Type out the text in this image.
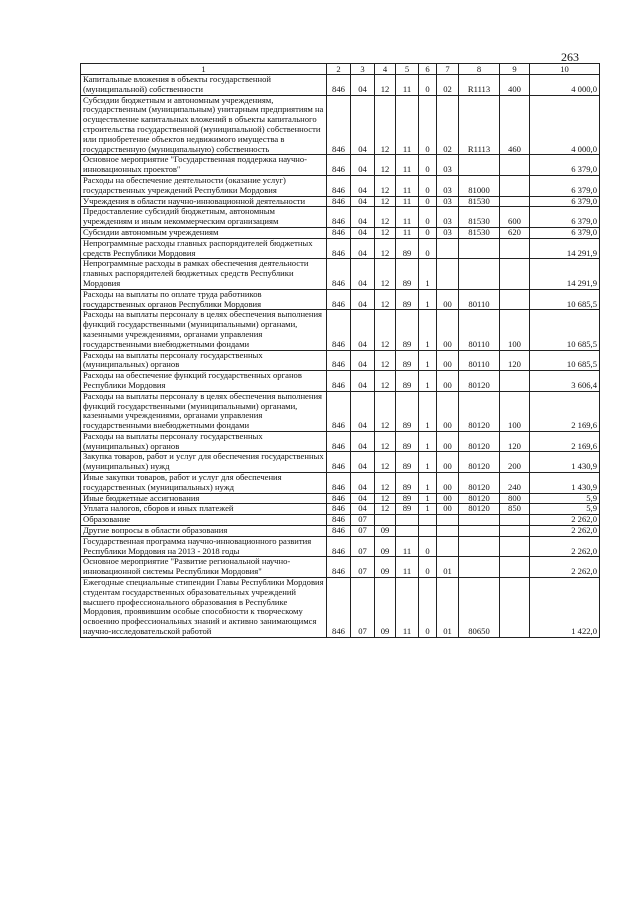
263
1	2	3	4	5	6	7	8	9	10
Капитальные вложения в объекты государственной (муниципальной) собственности	846	04	12	11	0	02	R1113	400	4 000,0
Субсидии бюджетным и автономным учреждениям, государственным (муниципальным) унитарным предприятиям на осуществление капитальных вложений в объекты капитального строительства государственной (муниципальной) собственности или приобретение объектов недвижимого имущества в государственную (муниципальную) собственность	846	04	12	11	0	02	R1113	460	4 000,0
Основное мероприятие "Государственная поддержка научно-инновационных проектов"	846	04	12	11	0	03			6 379,0
Расходы на обеспечение деятельности (оказание услуг) государственных учреждений Республики Мордовия	846	04	12	11	0	03	81000		6 379,0
Учреждения в области научно-инновационной деятельности	846	04	12	11	0	03	81530		6 379,0
Предоставление субсидий бюджетным, автономным учреждениям и иным некоммерческим организациям	846	04	12	11	0	03	81530	600	6 379,0
Субсидии автономным учреждениям	846	04	12	11	0	03	81530	620	6 379,0
Непрограммные расходы главных распорядителей бюджетных средств Республики Мордовия	846	04	12	89	0				14 291,9
Непрограммные расходы в рамках обеспечения деятельности главных распорядителей бюджетных средств Республики Мордовия	846	04	12	89	1				14 291,9
Расходы на выплаты по оплате труда работников государственных органов Республики Мордовия	846	04	12	89	1	00	80110		10 685,5
Расходы на выплаты персоналу в целях обеспечения выполнения функций государственными (муниципальными) органами, казенными учреждениями, органами управления государственными внебюджетными фондами	846	04	12	89	1	00	80110	100	10 685,5
Расходы на выплаты персоналу государственных (муниципальных) органов	846	04	12	89	1	00	80110	120	10 685,5
Расходы на обеспечение функций государственных органов Республики Мордовия	846	04	12	89	1	00	80120		3 606,4
Расходы на выплаты персоналу в целях обеспечения выполнения функций государственными (муниципальными) органами, казенными учреждениями, органами управления государственными внебюджетными фондами	846	04	12	89	1	00	80120	100	2 169,6
Расходы на выплаты персоналу государственных (муниципальных) органов	846	04	12	89	1	00	80120	120	2 169,6
Закупка товаров, работ и услуг для обеспечения государственных (муниципальных) нужд	846	04	12	89	1	00	80120	200	1 430,9
Иные закупки товаров, работ и услуг для обеспечения государственных (муниципальных) нужд	846	04	12	89	1	00	80120	240	1 430,9
Иные бюджетные ассигнования	846	04	12	89	1	00	80120	800	5,9
Уплата налогов, сборов и иных платежей	846	04	12	89	1	00	80120	850	5,9
Образование	846	07							2 262,0
Другие вопросы в области образования	846	07	09						2 262,0
Государственная программа научно-инновационного развития Республики Мордовия на 2013 - 2018 годы	846	07	09	11	0				2 262,0
Основное мероприятие "Развитие региональной научно-инновационной системы Республики Мордовия"	846	07	09	11	0	01			2 262,0
Ежегодные специальные стипендии Главы Республики Мордовия студентам государственных образовательных учреждений высшего профессионального образования в Республике Мордовия, проявившим особые способности к творческому освоению профессиональных знаний и активно занимающимся научно-исследовательской работой	846	07	09	11	0	01	80650		1 422,0
